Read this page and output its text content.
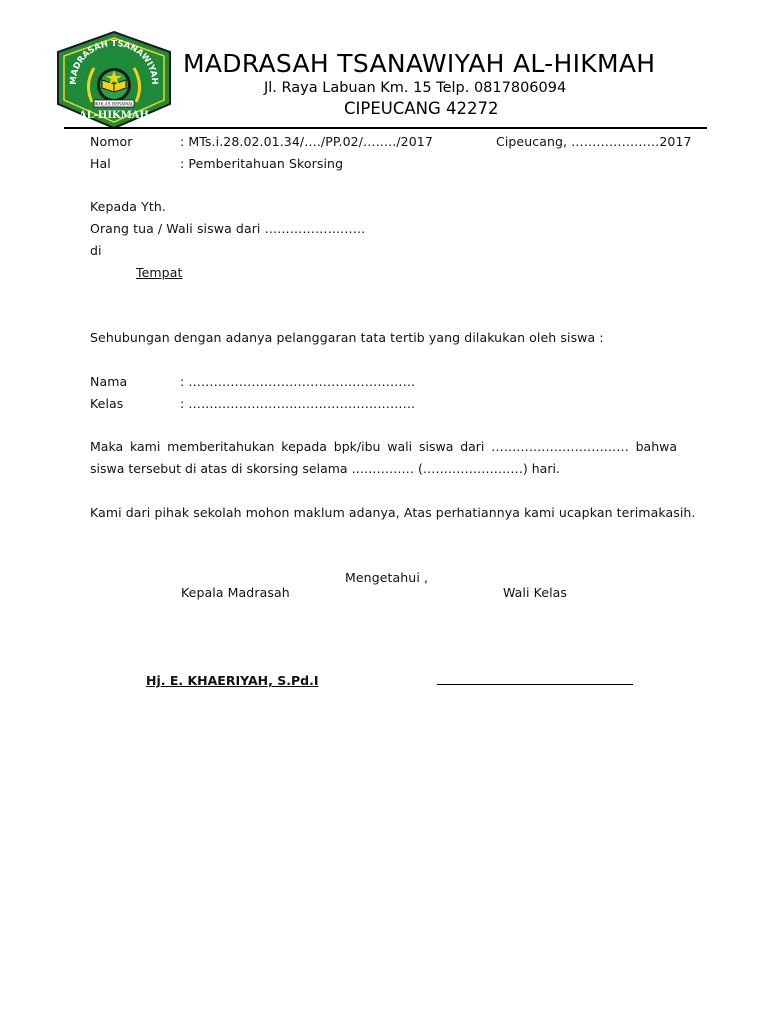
MADRASAH TSANAWIYAH
IKHLAS BERAMAL
AL-HIKMAH
MADRASAH TSANAWIYAH AL-HIKMAH
Jl. Raya Labuan Km. 15 Telp. 0817806094
CIPEUCANG 42272
Nomor	: MTs.i.28.02.01.34/…./PP.02/……../2017	Cipeucang, …………………2017
Hal	: Pemberitahuan Skorsing
Kepada Yth.
Orang tua / Wali siswa dari ……………………
di
Tempat
Sehubungan dengan adanya pelanggaran tata tertib yang dilakukan oleh siswa :
Nama	: ………………………………………………
Kelas	: ………………………………………………
Maka kami memberitahukan kepada bpk/ibu wali siswa dari …………………………… bahwa siswa tersebut di atas di skorsing selama …………… (……………………) hari.
Kami dari pihak sekolah mohon maklum adanya, Atas perhatiannya kami ucapkan terimakasih.
Mengetahui ,
Kepala Madrasah	Wali Kelas
Hj. E. KHAERIYAH, S.Pd.I
